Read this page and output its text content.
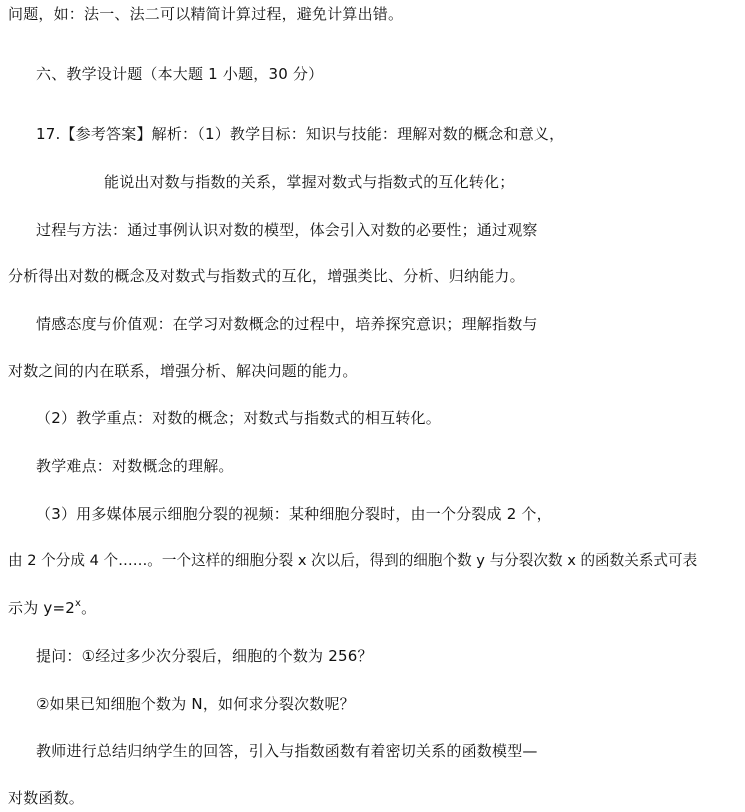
问题，如：法一、法二可以精简计算过程，避免计算出错。
六、教学设计题（本大题 1 小题，30 分）
17.【参考答案】解析：（1）教学目标：知识与技能：理解对数的概念和意义，
能说出对数与指数的关系，掌握对数式与指数式的互化转化；
过程与方法：通过事例认识对数的模型，体会引入对数的必要性；通过观察
分析得出对数的概念及对数式与指数式的互化，增强类比、分析、归纳能力。
情感态度与价值观：在学习对数概念的过程中，培养探究意识；理解指数与
对数之间的内在联系，增强分析、解决问题的能力。
（2）教学重点：对数的概念；对数式与指数式的相互转化。
教学难点：对数概念的理解。
（3）用多媒体展示细胞分裂的视频：某种细胞分裂时，由一个分裂成 2 个，
由 2 个分成 4 个……。一个这样的细胞分裂 x 次以后，得到的细胞个数 y 与分裂次数 x 的函数关系式可表
示为 $y=2^x$。
提问：①经过多少次分裂后，细胞的个数为 256？
②如果已知细胞个数为 N，如何求分裂次数呢？
教师进行总结归纳学生的回答，引入与指数函数有着密切关系的函数模型—
对数函数。
